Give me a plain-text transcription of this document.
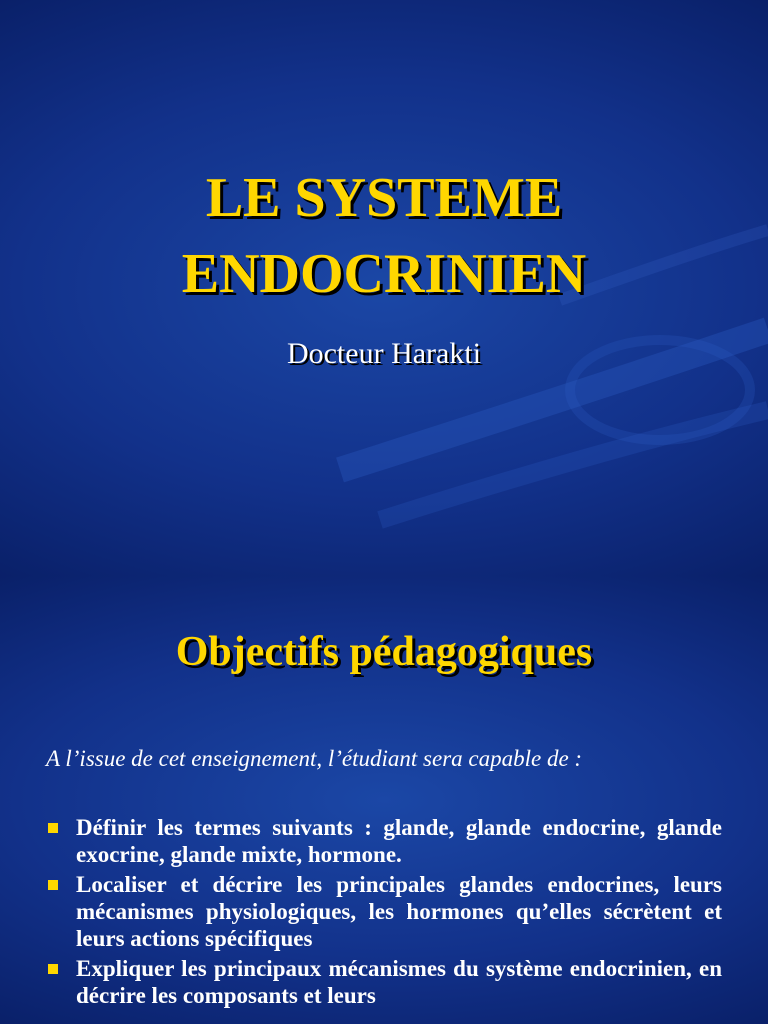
LE SYSTEME
ENDOCRINIEN

Docteur Harakti

Objectifs pédagogiques

A l’issue de cet enseignement, l’étudiant sera capable de :

Définir les termes suivants : glande, glande endocrine, glande exocrine, glande mixte, hormone.
Localiser et décrire les principales glandes endocrines, leurs mécanismes physiologiques, les hormones qu’elles sécrètent et leurs actions spécifiques
Expliquer les principaux mécanismes du système endocrinien, en décrire les composants et leurs
